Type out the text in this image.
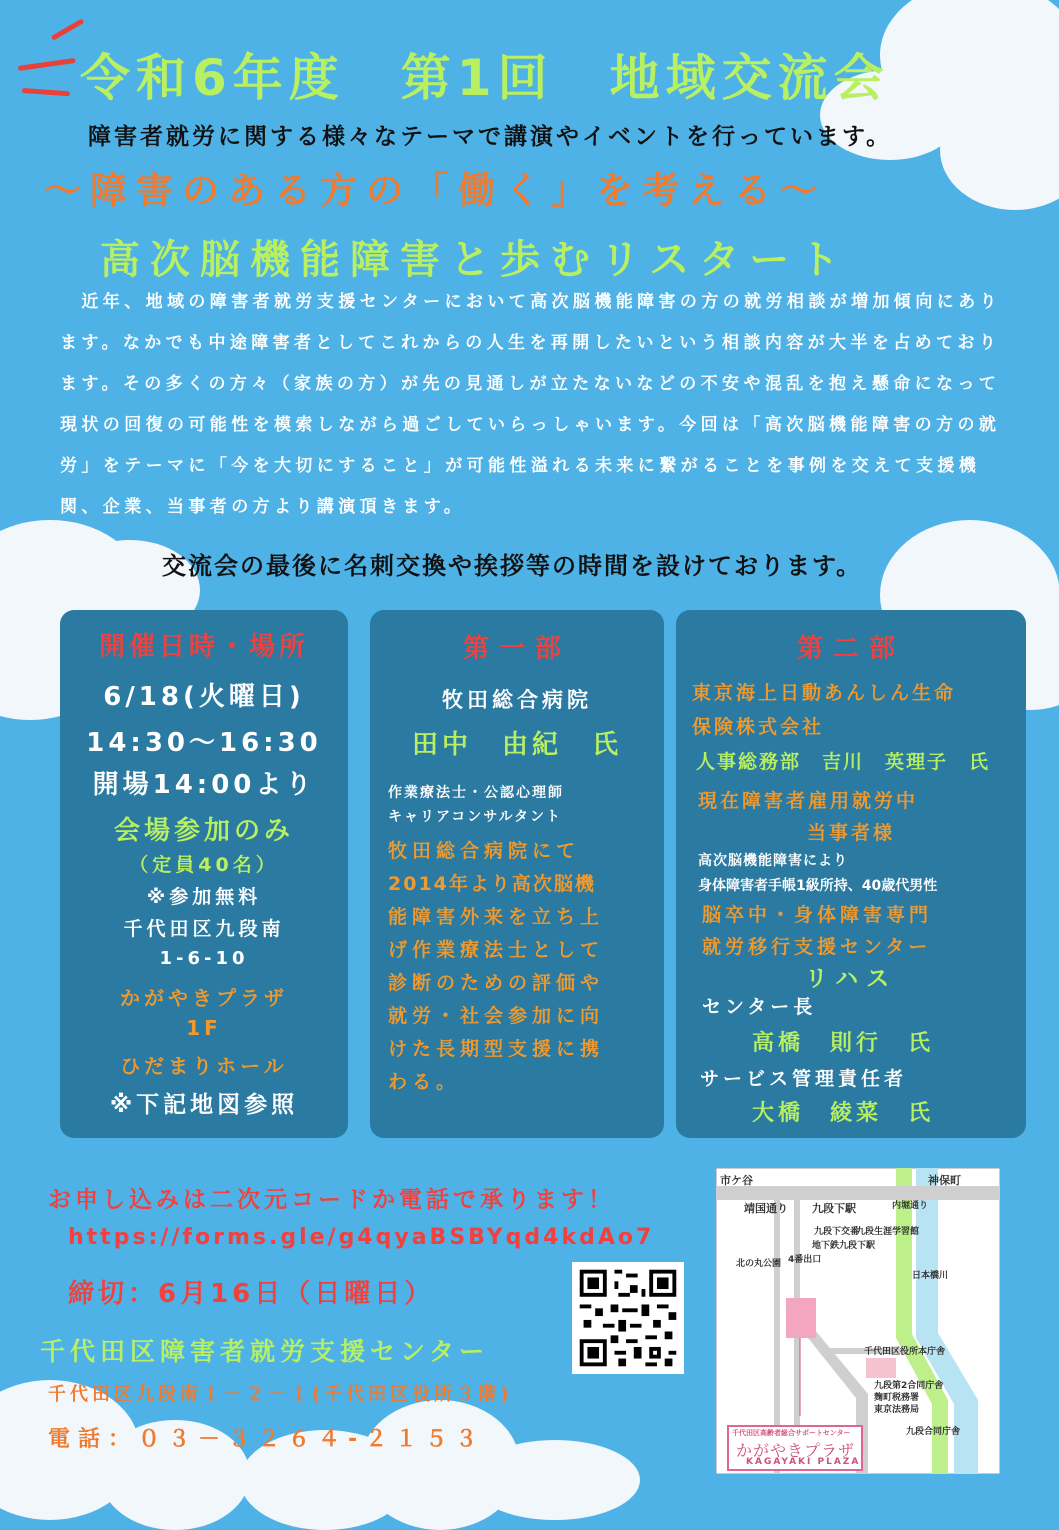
令和6年度　第1回　地域交流会
障害者就労に関する様々なテーマで講演やイベントを行っています。
〜障害のある方の「働く」を考える〜
高次脳機能障害と歩むリスタート
　近年、地域の障害者就労支援センターにおいて高次脳機能障害の方の就労相談が増加傾向にあります。なかでも中途障害者としてこれからの人生を再開したいという相談内容が大半を占めております。その多くの方々（家族の方）が先の見通しが立たないなどの不安や混乱を抱え懸命になって現状の回復の可能性を模索しながら過ごしていらっしゃいます。今回は「高次脳機能障害の方の就労」をテーマに「今を大切にすること」が可能性溢れる未来に繋がることを事例を交えて支援機関、企業、当事者の方より講演頂きます。
交流会の最後に名刺交換や挨拶等の時間を設けております。
開催日時・場所
6/18(火曜日)
14:30〜16:30
開場14:00より
会場参加のみ
（定員40名）
※参加無料
千代田区九段南
1-6-10
かがやきプラザ
1F
ひだまりホール
※下記地図参照
第一部
牧田総合病院
田中　由紀　氏
作業療法士・公認心理師
キャリアコンサルタント
牧田総合病院にて
2014年より高次脳機
能障害外来を立ち上
げ作業療法士として
診断のための評価や
就労・社会参加に向
けた長期型支援に携
わる。
第二部
東京海上日動あんしん生命
保険株式会社
人事総務部　吉川　英理子　氏
現在障害者雇用就労中
当事者様
高次脳機能障害により
身体障害者手帳1級所持、40歳代男性
脳卒中・身体障害専門
就労移行支援センター
リハス
センター長
高橋　則行　氏
サービス管理責任者
大橋　綾菜　氏
お申し込みは二次元コードか電話で承ります！
https://forms.gle/g4qyaBSBYqd4kdAo7
締切：6月16日（日曜日）
千代田区障害者就労支援センター
千代田区九段南１－２－１(千代田区役所３階)
電話：０３－３２６４-２１５３
市ケ谷	神保町
靖国通り 九段下駅
九段下交番
九段生涯学習館
北の丸公園
地下鉄九段下駅
4番出口
日本橋川
内堀通り
千代田区役所本庁舎
九段第2合同庁舎
麹町税務署
東京法務局
九段合同庁舎
千代田区高齢者総合サポートセンター
かがやきプラザ
KAGAYAKI PLAZA
